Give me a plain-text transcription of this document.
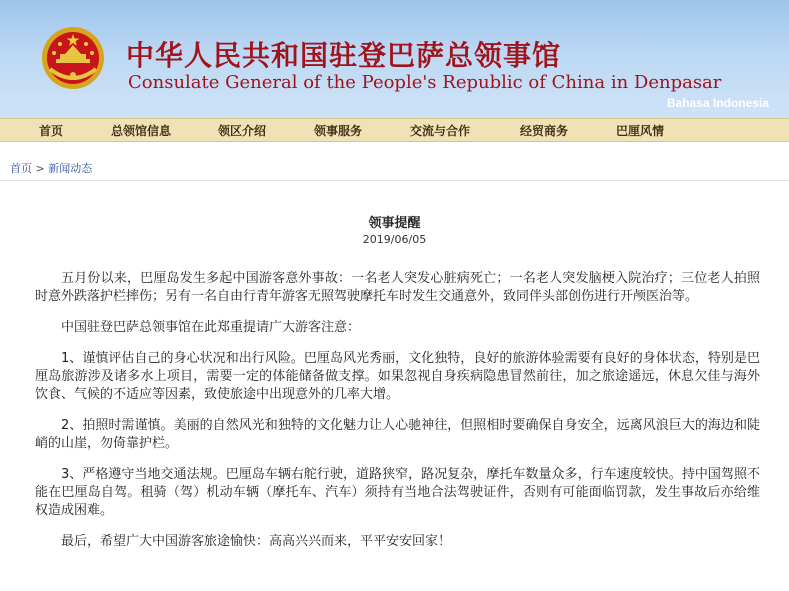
中华人民共和国驻登巴萨总领事馆
Consulate General of the People's Republic of China in Denpasar
Bahasa Indonesia
首页	总领馆信息	领区介绍	领事服务	交流与合作	经贸商务	巴厘风情
首页 > 新闻动态
领事提醒
2019/06/05

五月份以来，巴厘岛发生多起中国游客意外事故：一名老人突发心脏病死亡；一名老人突发脑梗入院治疗；三位老人拍照时意外跌落护栏摔伤；另有一名自由行青年游客无照驾驶摩托车时发生交通意外，致同伴头部创伤进行开颅医治等。

中国驻登巴萨总领事馆在此郑重提请广大游客注意：

1、谨慎评估自己的身心状况和出行风险。巴厘岛风光秀丽，文化独特，良好的旅游体验需要有良好的身体状态，特别是巴厘岛旅游涉及诸多水上项目，需要一定的体能储备做支撑。如果忽视自身疾病隐患冒然前往，加之旅途遥远，休息欠佳与海外饮食、气候的不适应等因素，致使旅途中出现意外的几率大增。

2、拍照时需谨慎。美丽的自然风光和独特的文化魅力让人心驰神往，但照相时要确保自身安全，远离风浪巨大的海边和陡峭的山崖，勿倚靠护栏。

3、严格遵守当地交通法规。巴厘岛车辆右舵行驶，道路狭窄，路况复杂，摩托车数量众多，行车速度较快。持中国驾照不能在巴厘岛自驾。租骑（驾）机动车辆（摩托车、汽车）须持有当地合法驾驶证件，否则有可能面临罚款，发生事故后亦给维权造成困难。

最后，希望广大中国游客旅途愉快：高高兴兴而来，平平安安回家！
